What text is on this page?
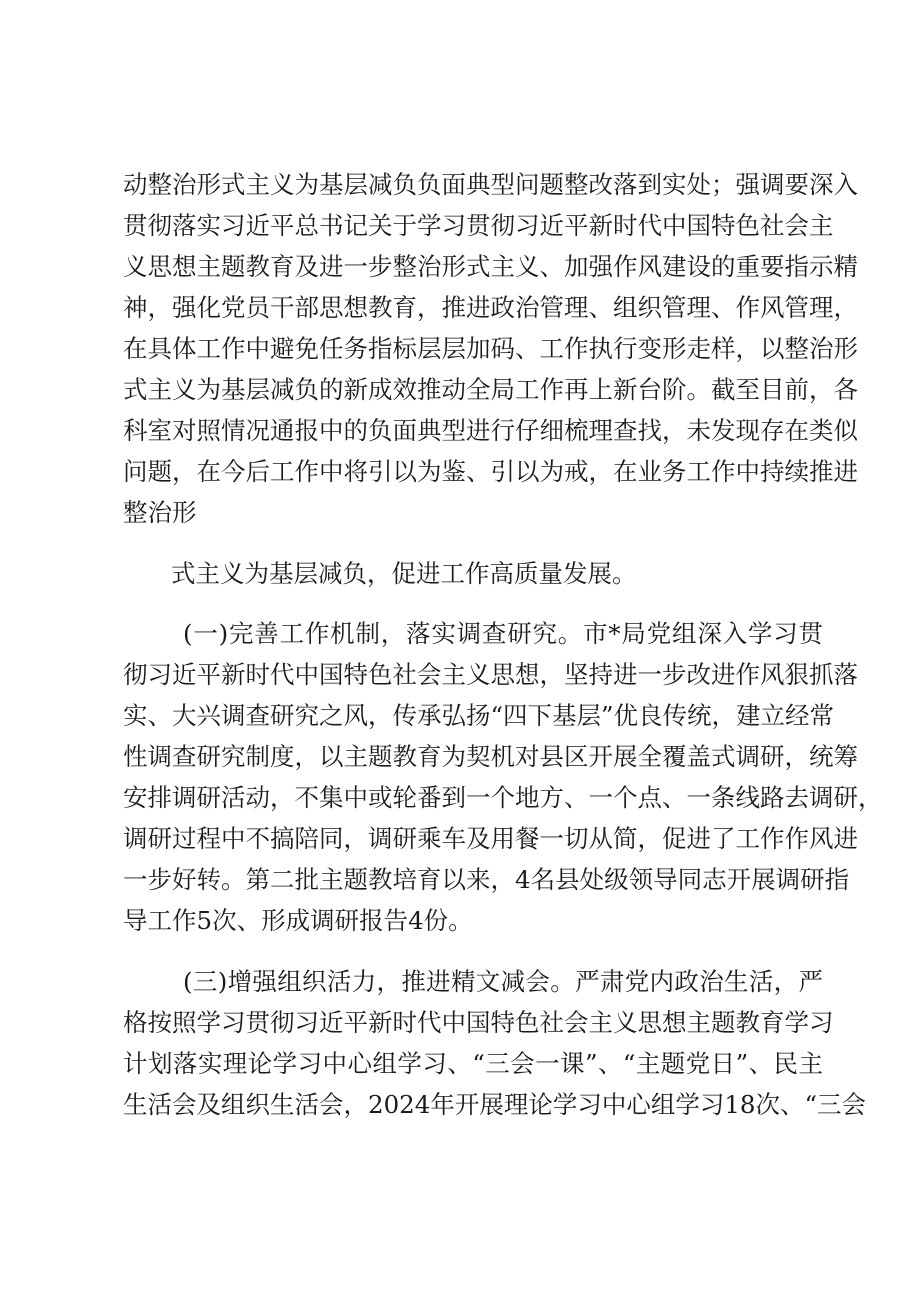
动整治形式主义为基层减负负面典型问题整改落到实处；强调要深入
贯彻落实习近平总书记关于学习贯彻习近平新时代中国特色社会主
义思想主题教育及进一步整治形式主义、加强作风建设的重要指示精
神，强化党员干部思想教育，推进政治管理、组织管理、作风管理，
在具体工作中避免任务指标层层加码、工作执行变形走样，以整治形
式主义为基层减负的新成效推动全局工作再上新台阶。截至目前，各
科室对照情况通报中的负面典型进行仔细梳理查找，未发现存在类似
问题，在今后工作中将引以为鉴、引以为戒，在业务工作中持续推进
整治形
式主义为基层减负，促进工作高质量发展。
(一)完善工作机制，落实调查研究。市*局党组深入学习贯
彻习近平新时代中国特色社会主义思想，坚持进一步改进作风狠抓落
实、大兴调查研究之风，传承弘扬“四下基层”优良传统，建立经常
性调查研究制度，以主题教育为契机对县区开展全覆盖式调研，统筹
安排调研活动，不集中或轮番到一个地方、一个点、一条线路去调研，
调研过程中不搞陪同，调研乘车及用餐一切从简，促进了工作作风进
一步好转。第二批主题教培育以来，4名县处级领导同志开展调研指
导工作5次、形成调研报告4份。
(三)增强组织活力，推进精文减会。严肃党内政治生活，严
格按照学习贯彻习近平新时代中国特色社会主义思想主题教育学习
计划落实理论学习中心组学习、“三会一课”、“主题党日”、民主
生活会及组织生活会，2024年开展理论学习中心组学习18次、“三会
